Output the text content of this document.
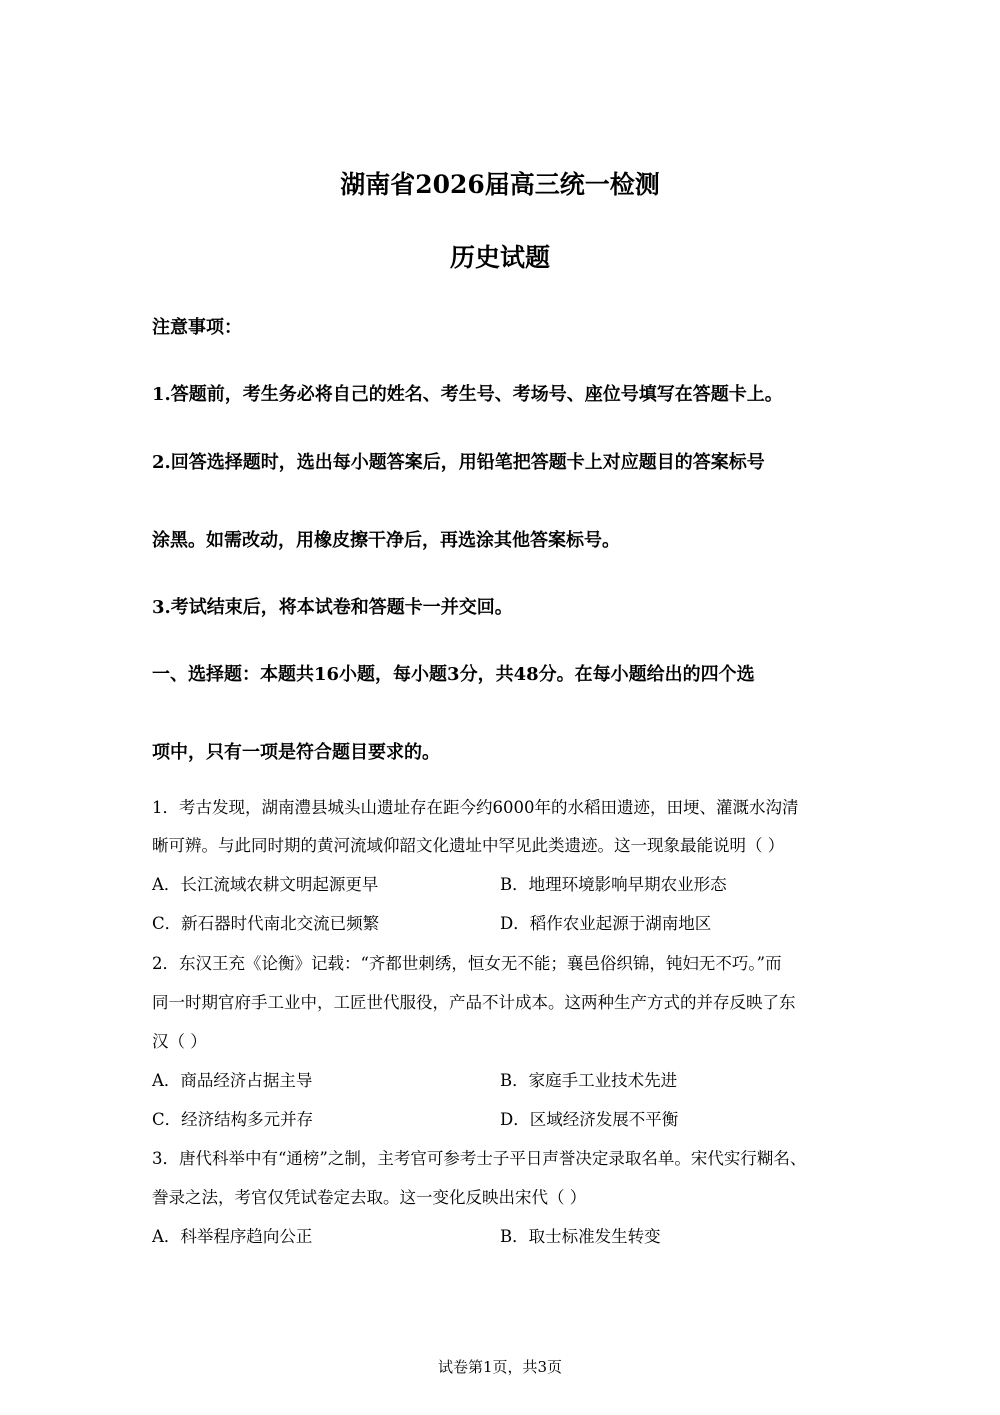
湖南省2026届高三统一检测
历史试题
注意事项：
1.答题前，考生务必将自己的姓名、考生号、考场号、座位号填写在答题卡上。
2.回答选择题时，选出每小题答案后，用铅笔把答题卡上对应题目的答案标号
涂黑。如需改动，用橡皮擦干净后，再选涂其他答案标号。
3.考试结束后，将本试卷和答题卡一并交回。
一、选择题：本题共16小题，每小题3分，共48分。在每小题给出的四个选
项中，只有一项是符合题目要求的。
1．考古发现，湖南澧县城头山遗址存在距今约6000年的水稻田遗迹，田埂、灌溉水沟清
晰可辨。与此同时期的黄河流域仰韶文化遗址中罕见此类遗迹。这一现象最能说明（ ）
A．长江流域农耕文明起源更早	B．地理环境影响早期农业形态
C．新石器时代南北交流已频繁	D．稻作农业起源于湖南地区
2．东汉王充《论衡》记载：“齐都世刺绣，恒女无不能；襄邑俗织锦，钝妇无不巧。”而
同一时期官府手工业中，工匠世代服役，产品不计成本。这两种生产方式的并存反映了东
汉（ ）
A．商品经济占据主导	B．家庭手工业技术先进
C．经济结构多元并存	D．区域经济发展不平衡
3．唐代科举中有“通榜”之制，主考官可参考士子平日声誉决定录取名单。宋代实行糊名、
誊录之法，考官仅凭试卷定去取。这一变化反映出宋代（ ）
A．科举程序趋向公正	B．取士标准发生转变
试卷第1页，共3页
